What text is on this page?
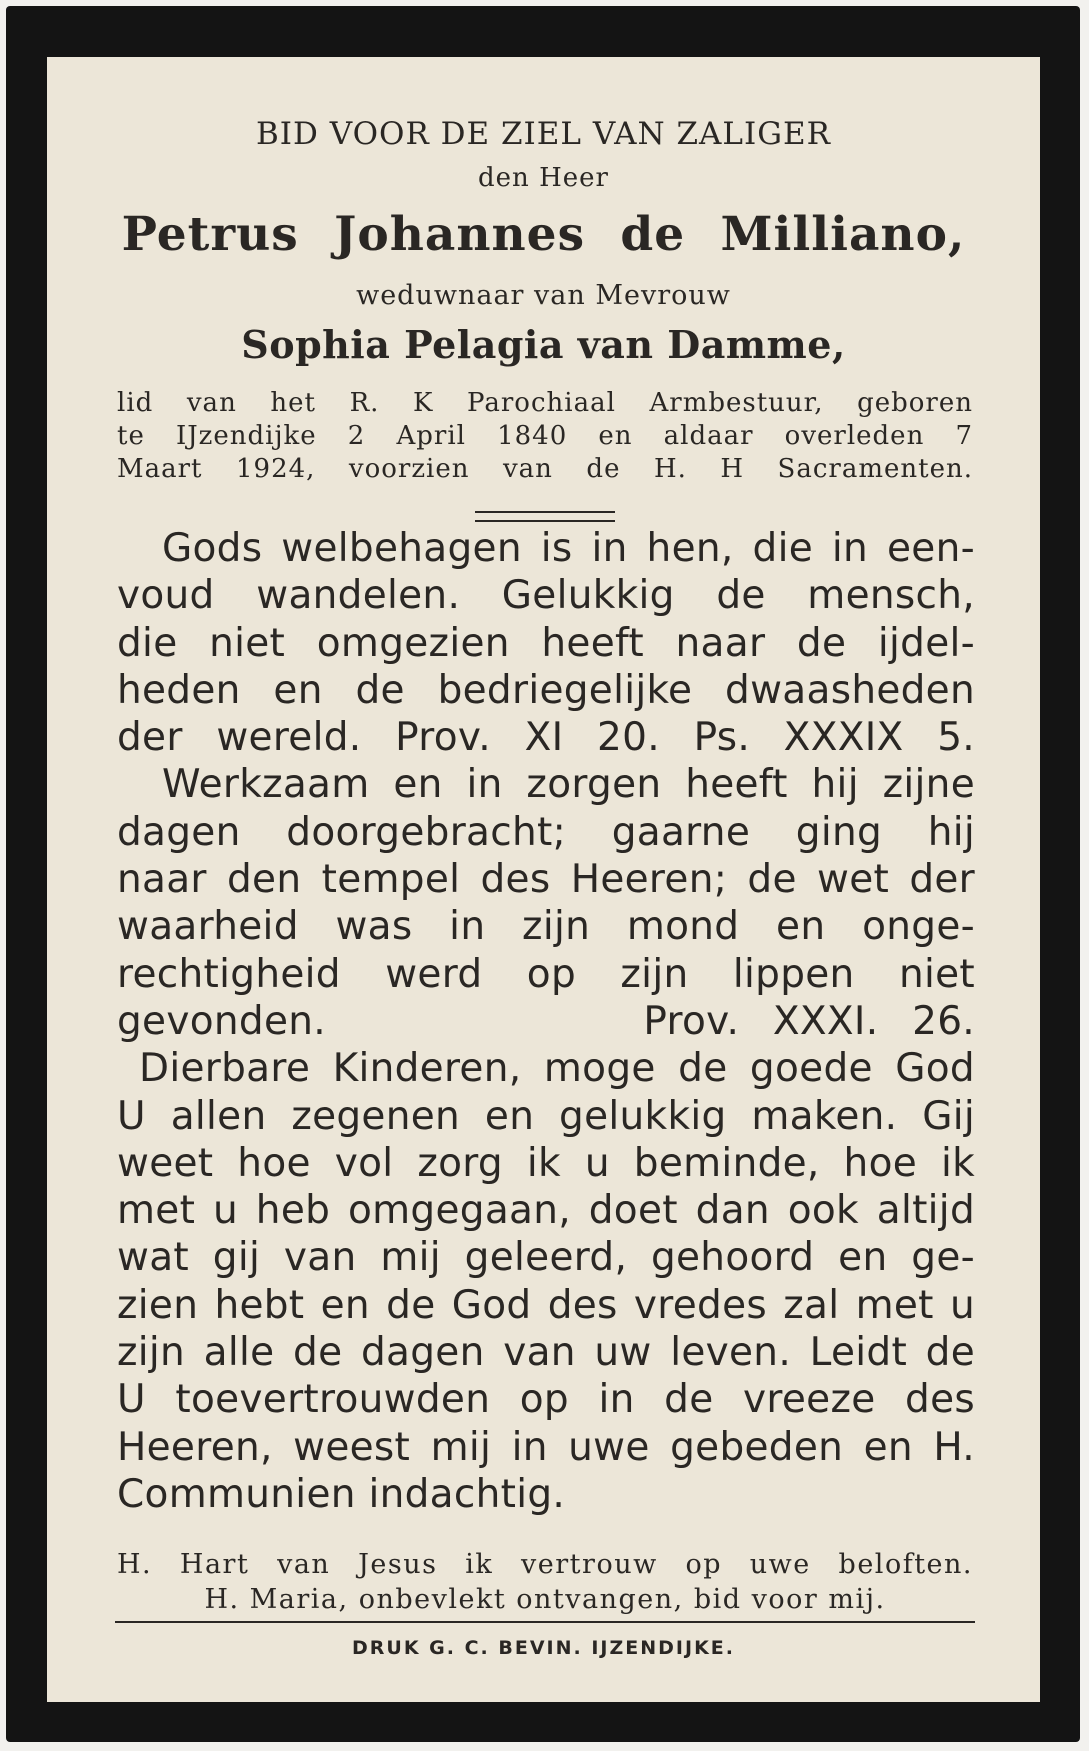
BID VOOR DE ZIEL VAN ZALIGER

den Heer

Petrus Johannes de Milliano,

weduwnaar van Mevrouw

Sophia Pelagia van Damme,

lid van het R. K Parochiaal Armbestuur, geboren
te IJzendijke 2 April 1840 en aldaar overleden 7
Maart 1924, voorzien van de H. H Sacramenten.
Gods welbehagen is in hen, die in een-
voud wandelen. Gelukkig de mensch,
die niet omgezien heeft naar de ijdel-
heden en de bedriegelijke dwaasheden
der wereld. Prov. XI 20. Ps. XXXIX 5.
Werkzaam en in zorgen heeft hij zijne
dagen doorgebracht; gaarne ging hij
naar den tempel des Heeren; de wet der
waarheid was in zijn mond en onge-
rechtigheid werd op zijn lippen niet
gevonden.	Prov. XXXI. 26.
Dierbare Kinderen, moge de goede God
U allen zegenen en gelukkig maken. Gij
weet hoe vol zorg ik u beminde, hoe ik
met u heb omgegaan, doet dan ook altijd
wat gij van mij geleerd, gehoord en ge-
zien hebt en de God des vredes zal met u
zijn alle de dagen van uw leven. Leidt de
U toevertrouwden op in de vreeze des
Heeren, weest mij in uwe gebeden en H.
Communien indachtig.

H. Hart van Jesus ik vertrouw op uwe beloften.

H. Maria, onbevlekt ontvangen, bid voor mij.

DRUK G. C. BEVIN. IJZENDIJKE.
